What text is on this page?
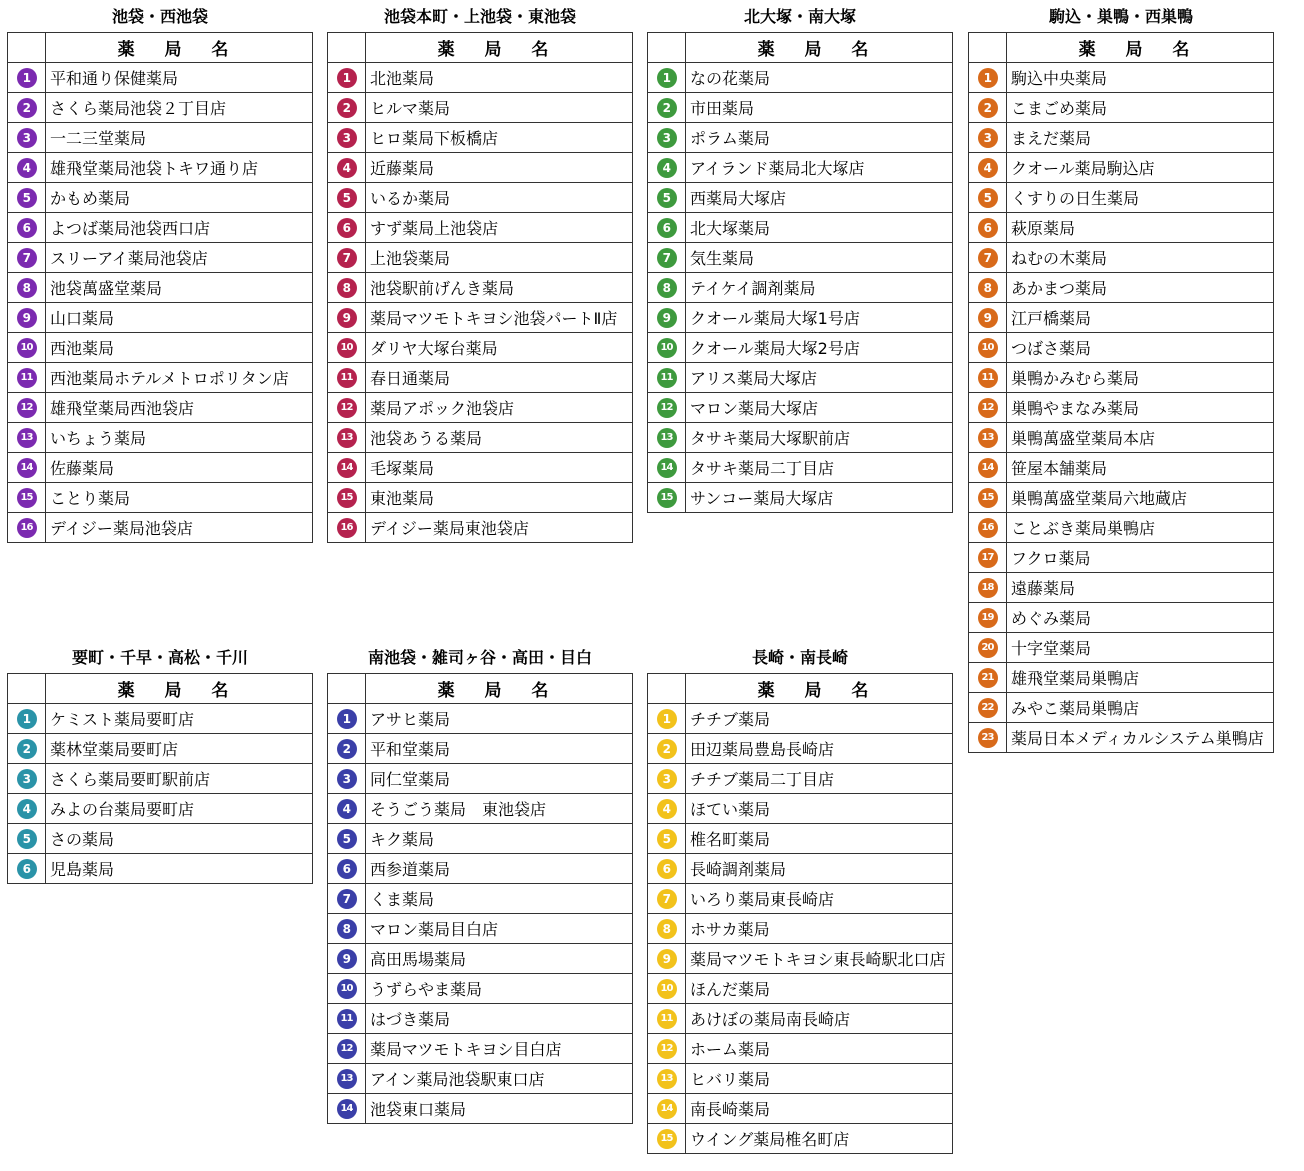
池袋・西池袋
	薬 局 名
1	平和通り保健薬局
2	さくら薬局池袋２丁目店
3	一二三堂薬局
4	雄飛堂薬局池袋トキワ通り店
5	かもめ薬局
6	よつば薬局池袋西口店
7	スリーアイ薬局池袋店
8	池袋萬盛堂薬局
9	山口薬局
10	西池薬局
11	西池薬局ホテルメトロポリタン店
12	雄飛堂薬局西池袋店
13	いちょう薬局
14	佐藤薬局
15	ことり薬局
16	デイジー薬局池袋店
池袋本町・上池袋・東池袋
	薬 局 名
1	北池薬局
2	ヒルマ薬局
3	ヒロ薬局下板橋店
4	近藤薬局
5	いるか薬局
6	すず薬局上池袋店
7	上池袋薬局
8	池袋駅前げんき薬局
9	薬局マツモトキヨシ池袋パートⅡ店
10	ダリヤ大塚台薬局
11	春日通薬局
12	薬局アポック池袋店
13	池袋あうる薬局
14	毛塚薬局
15	東池薬局
16	デイジー薬局東池袋店
北大塚・南大塚
	薬 局 名
1	なの花薬局
2	市田薬局
3	ポラム薬局
4	アイランド薬局北大塚店
5	西薬局大塚店
6	北大塚薬局
7	気生薬局
8	テイケイ調剤薬局
9	クオール薬局大塚1号店
10	クオール薬局大塚2号店
11	アリス薬局大塚店
12	マロン薬局大塚店
13	タサキ薬局大塚駅前店
14	タサキ薬局二丁目店
15	サンコー薬局大塚店
駒込・巣鴨・西巣鴨
	薬 局 名
1	駒込中央薬局
2	こまごめ薬局
3	まえだ薬局
4	クオール薬局駒込店
5	くすりの日生薬局
6	萩原薬局
7	ねむの木薬局
8	あかまつ薬局
9	江戸橋薬局
10	つばさ薬局
11	巣鴨かみむら薬局
12	巣鴨やまなみ薬局
13	巣鴨萬盛堂薬局本店
14	笹屋本舗薬局
15	巣鴨萬盛堂薬局六地蔵店
16	ことぶき薬局巣鴨店
17	フクロ薬局
18	遠藤薬局
19	めぐみ薬局
20	十字堂薬局
21	雄飛堂薬局巣鴨店
22	みやこ薬局巣鴨店
23	薬局日本メディカルシステム巣鴨店
要町・千早・高松・千川
	薬 局 名
1	ケミスト薬局要町店
2	薬林堂薬局要町店
3	さくら薬局要町駅前店
4	みよの台薬局要町店
5	さの薬局
6	児島薬局
南池袋・雑司ヶ谷・高田・目白
	薬 局 名
1	アサヒ薬局
2	平和堂薬局
3	同仁堂薬局
4	そうごう薬局　東池袋店
5	キク薬局
6	西参道薬局
7	くま薬局
8	マロン薬局目白店
9	高田馬場薬局
10	うずらやま薬局
11	はづき薬局
12	薬局マツモトキヨシ目白店
13	アイン薬局池袋駅東口店
14	池袋東口薬局
長崎・南長崎
	薬 局 名
1	チチブ薬局
2	田辺薬局豊島長崎店
3	チチブ薬局二丁目店
4	ほてい薬局
5	椎名町薬局
6	長崎調剤薬局
7	いろり薬局東長崎店
8	ホサカ薬局
9	薬局マツモトキヨシ東長崎駅北口店
10	ほんだ薬局
11	あけぼの薬局南長崎店
12	ホーム薬局
13	ヒバリ薬局
14	南長崎薬局
15	ウイング薬局椎名町店
